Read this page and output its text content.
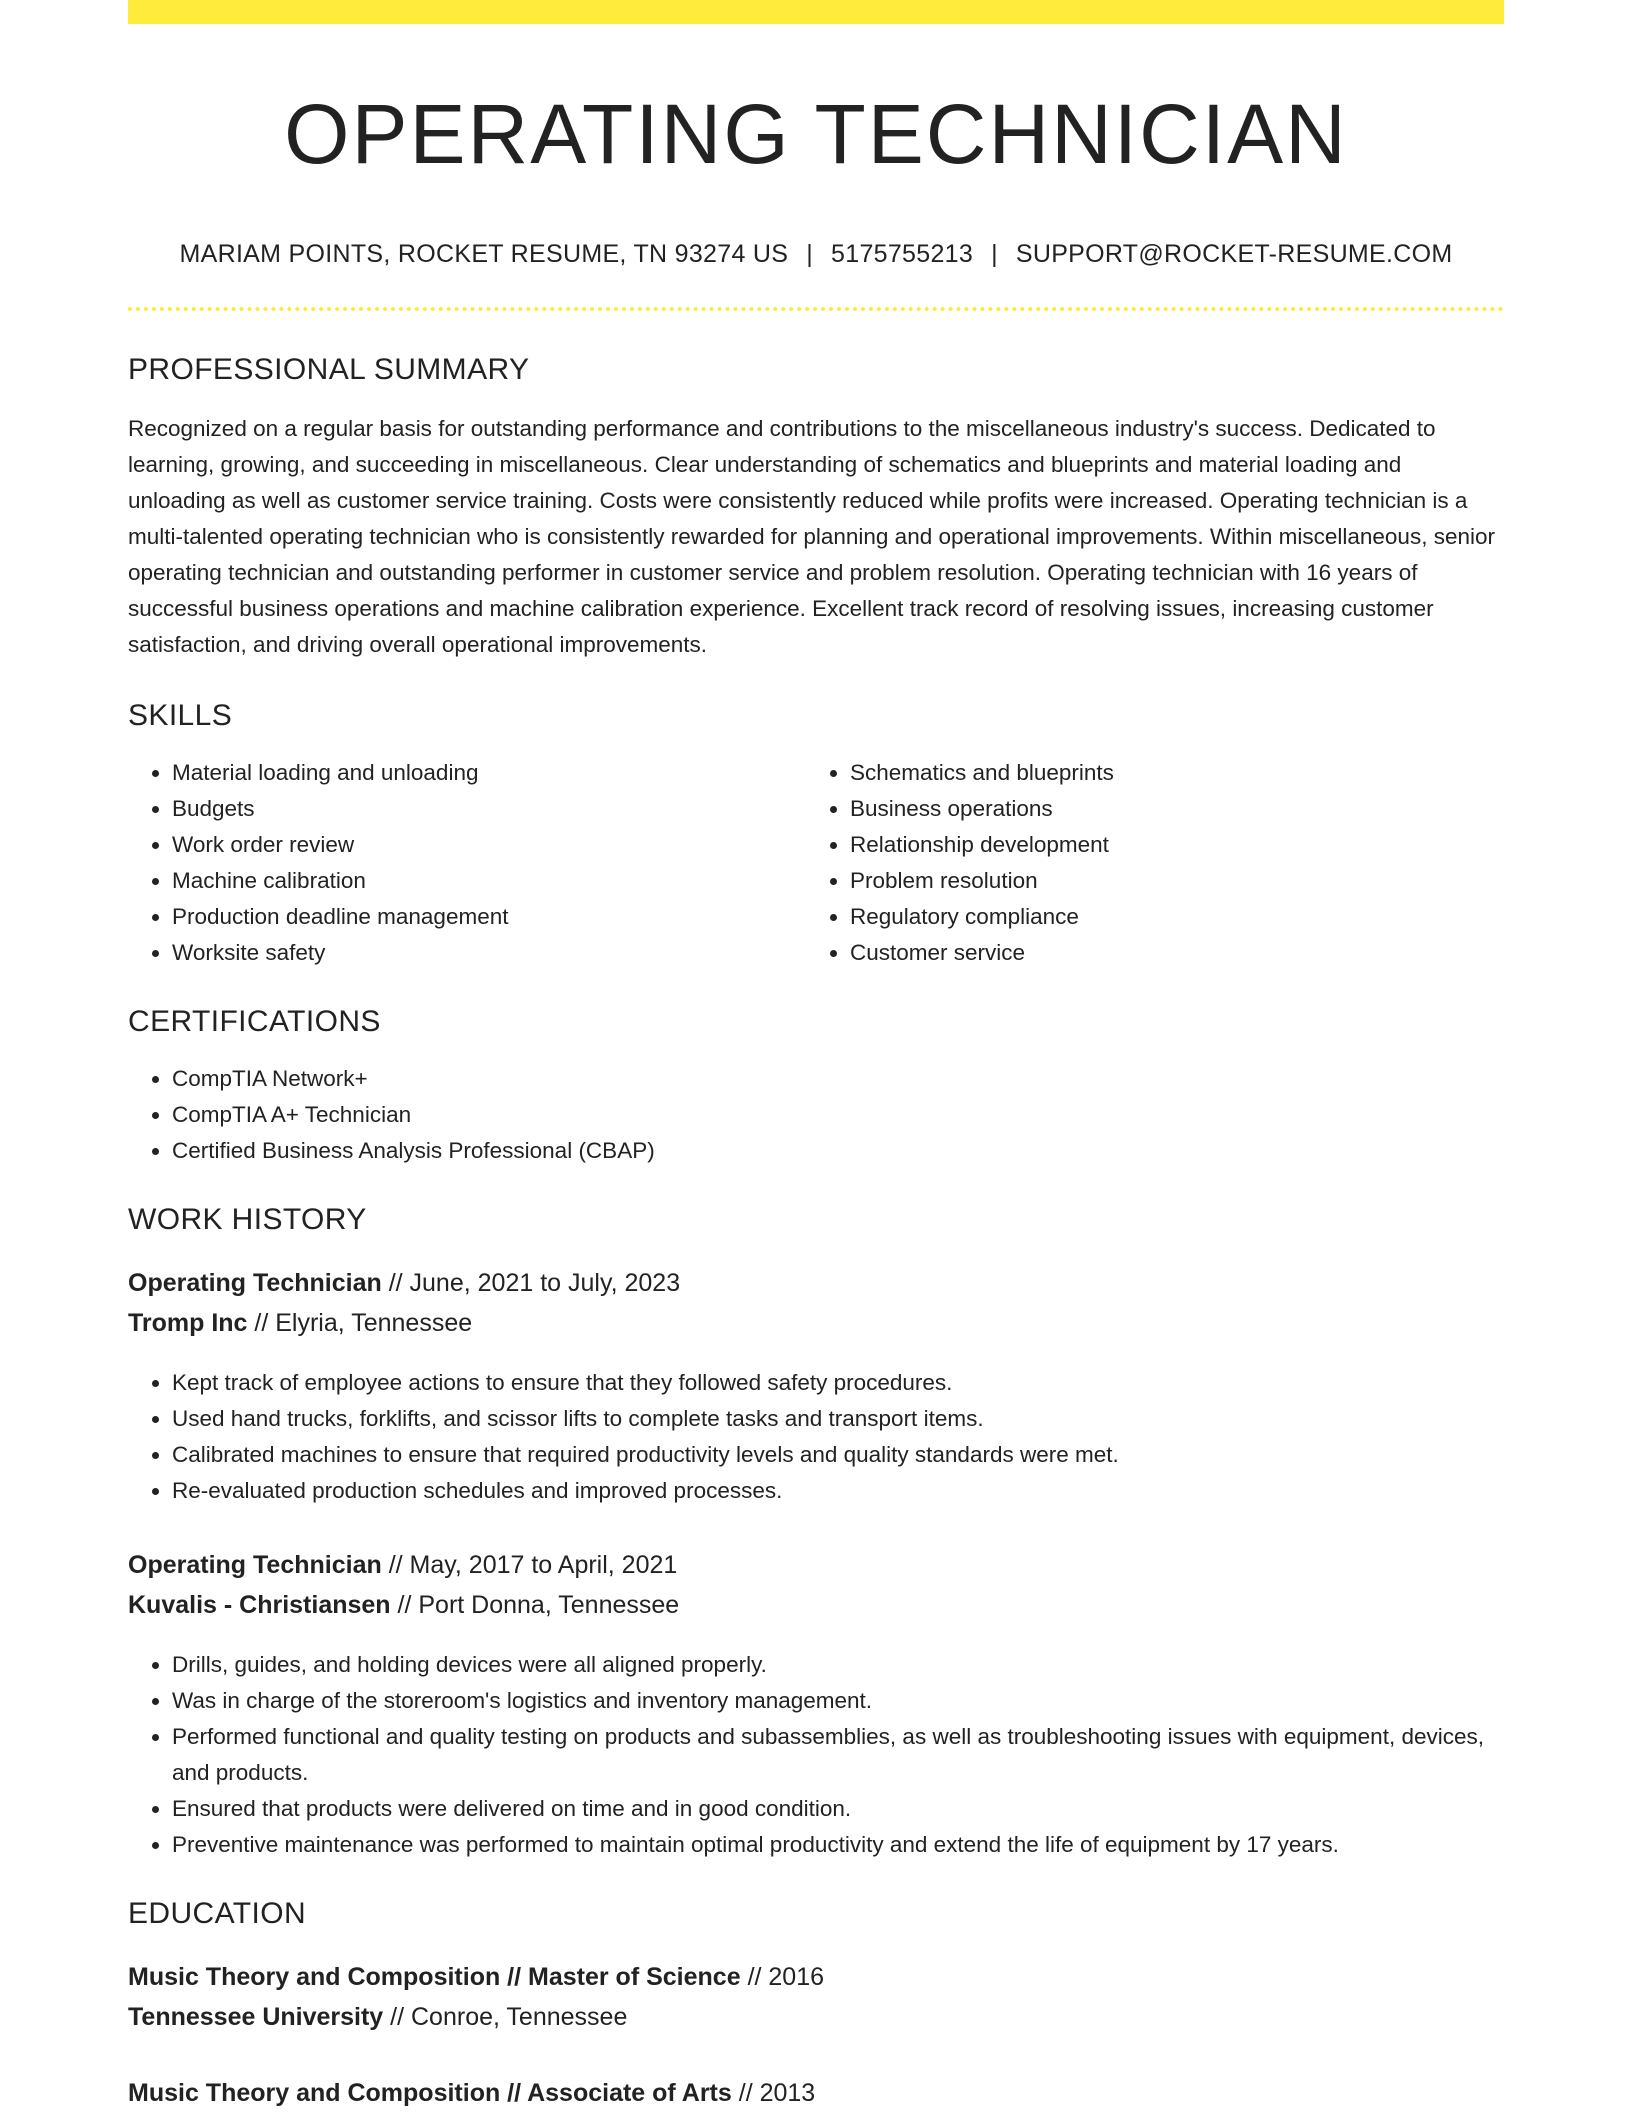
OPERATING TECHNICIAN
MARIAM POINTS, ROCKET RESUME, TN 93274 US | 5175755213 | SUPPORT@ROCKET-RESUME.COM
PROFESSIONAL SUMMARY
Recognized on a regular basis for outstanding performance and contributions to the miscellaneous industry's success. Dedicated to learning, growing, and succeeding in miscellaneous. Clear understanding of schematics and blueprints and material loading and unloading as well as customer service training. Costs were consistently reduced while profits were increased. Operating technician is a multi-talented operating technician who is consistently rewarded for planning and operational improvements. Within miscellaneous, senior operating technician and outstanding performer in customer service and problem resolution. Operating technician with 16 years of successful business operations and machine calibration experience. Excellent track record of resolving issues, increasing customer satisfaction, and driving overall operational improvements.
SKILLS
• Material loading and unloading
• Budgets
• Work order review
• Machine calibration
• Production deadline management
• Worksite safety
• Schematics and blueprints
• Business operations
• Relationship development
• Problem resolution
• Regulatory compliance
• Customer service
CERTIFICATIONS
• CompTIA Network+
• CompTIA A+ Technician
• Certified Business Analysis Professional (CBAP)
WORK HISTORY
Operating Technician // June, 2021 to July, 2023
Tromp Inc // Elyria, Tennessee
• Kept track of employee actions to ensure that they followed safety procedures.
• Used hand trucks, forklifts, and scissor lifts to complete tasks and transport items.
• Calibrated machines to ensure that required productivity levels and quality standards were met.
• Re-evaluated production schedules and improved processes.
Operating Technician // May, 2017 to April, 2021
Kuvalis - Christiansen // Port Donna, Tennessee
• Drills, guides, and holding devices were all aligned properly.
• Was in charge of the storeroom's logistics and inventory management.
• Performed functional and quality testing on products and subassemblies, as well as troubleshooting issues with equipment, devices, and products.
• Ensured that products were delivered on time and in good condition.
• Preventive maintenance was performed to maintain optimal productivity and extend the life of equipment by 17 years.
EDUCATION
Music Theory and Composition // Master of Science // 2016
Tennessee University // Conroe, Tennessee
Music Theory and Composition // Associate of Arts // 2013
